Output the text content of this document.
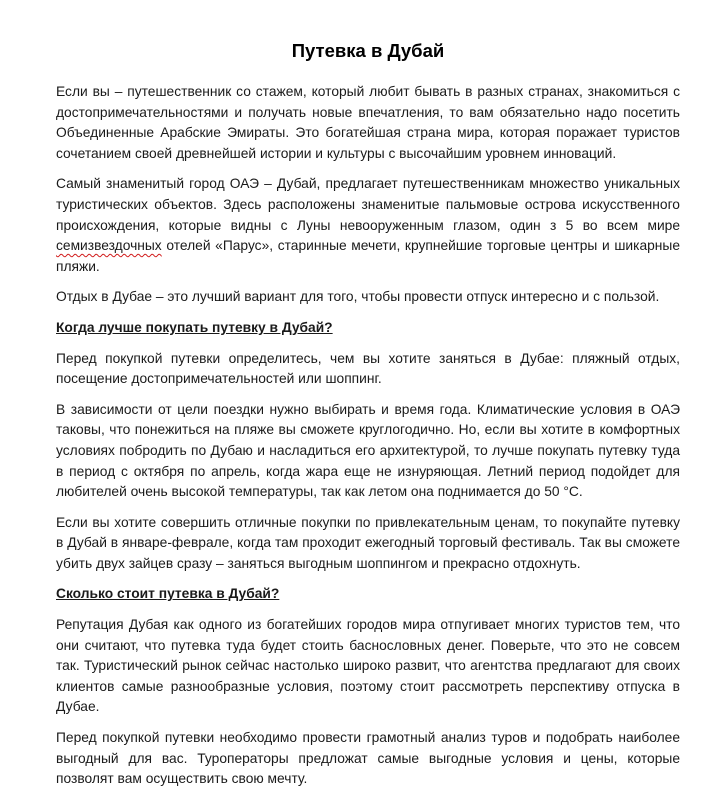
Путевка в Дубай

Если вы – путешественник со стажем, который любит бывать в разных странах, знакомиться с достопримечательностями и получать новые впечатления, то вам обязательно надо посетить Объединенные Арабские Эмираты. Это богатейшая страна мира, которая поражает туристов сочетанием своей древнейшей истории и культуры с высочайшим уровнем инноваций.

Самый знаменитый город ОАЭ – Дубай, предлагает путешественникам множество уникальных туристических объектов. Здесь расположены знаменитые пальмовые острова искусственного происхождения, которые видны с Луны невооруженным глазом, один з 5 во всем мире семизвездочных отелей «Парус», старинные мечети, крупнейшие торговые центры и шикарные пляжи.

Отдых в Дубае – это лучший вариант для того, чтобы провести отпуск интересно и с пользой.

Когда лучше покупать путевку в Дубай?

Перед покупкой путевки определитесь, чем вы хотите заняться в Дубае: пляжный отдых, посещение достопримечательностей или шоппинг.

В зависимости от цели поездки нужно выбирать и время года. Климатические условия в ОАЭ таковы, что понежиться на пляже вы сможете круглогодично. Но, если вы хотите в комфортных условиях побродить по Дубаю и насладиться его архитектурой, то лучше покупать путевку туда в период с октября по апрель, когда жара еще не изнуряющая. Летний период подойдет для любителей очень высокой температуры, так как летом она поднимается до 50 °С.

Если вы хотите совершить отличные покупки по привлекательным ценам, то покупайте путевку в Дубай в январе-феврале, когда там проходит ежегодный торговый фестиваль. Так вы сможете убить двух зайцев сразу – заняться выгодным шоппингом и прекрасно отдохнуть.

Сколько стоит путевка в Дубай?

Репутация Дубая как одного из богатейших городов мира отпугивает многих туристов тем, что они считают, что путевка туда будет стоить баснословных денег. Поверьте, что это не совсем так. Туристический рынок сейчас настолько широко развит, что агентства предлагают для своих клиентов самые разнообразные условия, поэтому стоит рассмотреть перспективу отпуска в Дубае.

Перед покупкой путевки необходимо провести грамотный анализ туров и подобрать наиболее выгодный для вас. Туроператоры предложат самые выгодные условия и цены, которые позволят вам осуществить свою мечту.
